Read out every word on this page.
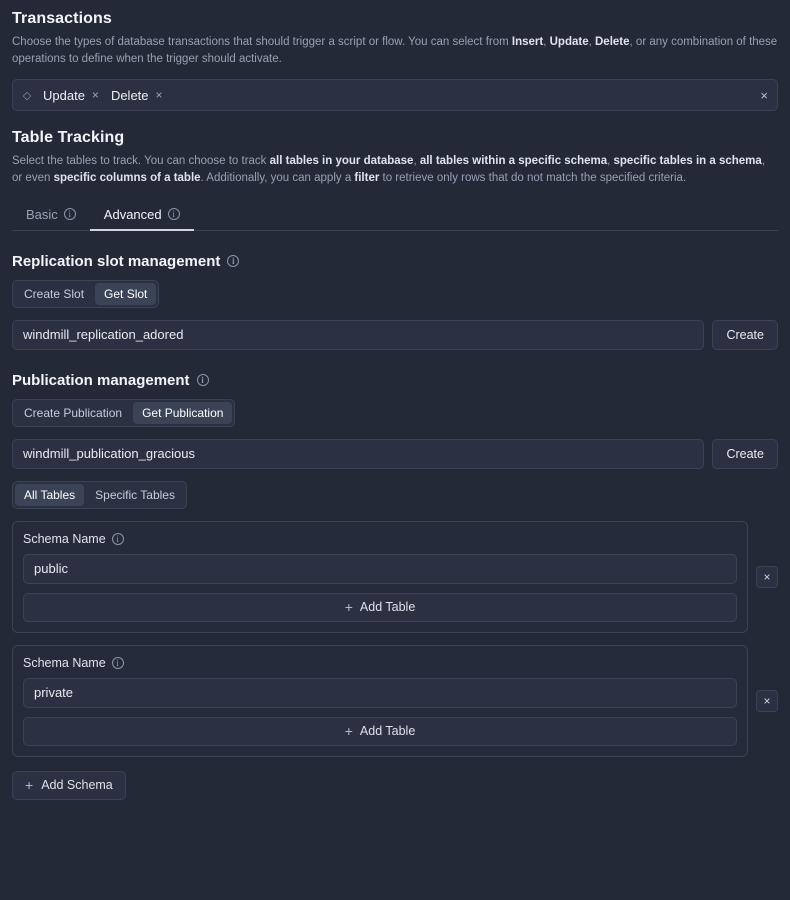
Transactions

Choose the types of database transactions that should trigger a script or flow. You can select from Insert, Update, Delete, or any combination of these operations to define when the trigger should activate.

◇ Update × Delete ×	×
Table Tracking

Select the tables to track. You can choose to track all tables in your database, all tables within a specific schema, specific tables in a schema, or even specific columns of a table. Additionally, you can apply a filter to retrieve only rows that do not match the specified criteria.

Basic	i	Advanced	i
Replication slot management	i
Create Slot	Get Slot
windmill_replication_adored
Create
Publication management	i
Create Publication	Get Publication
windmill_publication_gracious
Create
All Tables	Specific Tables
Schema Name	i
public
+ Add Table
×
Schema Name	i
private
+ Add Table
×
+ Add Schema
